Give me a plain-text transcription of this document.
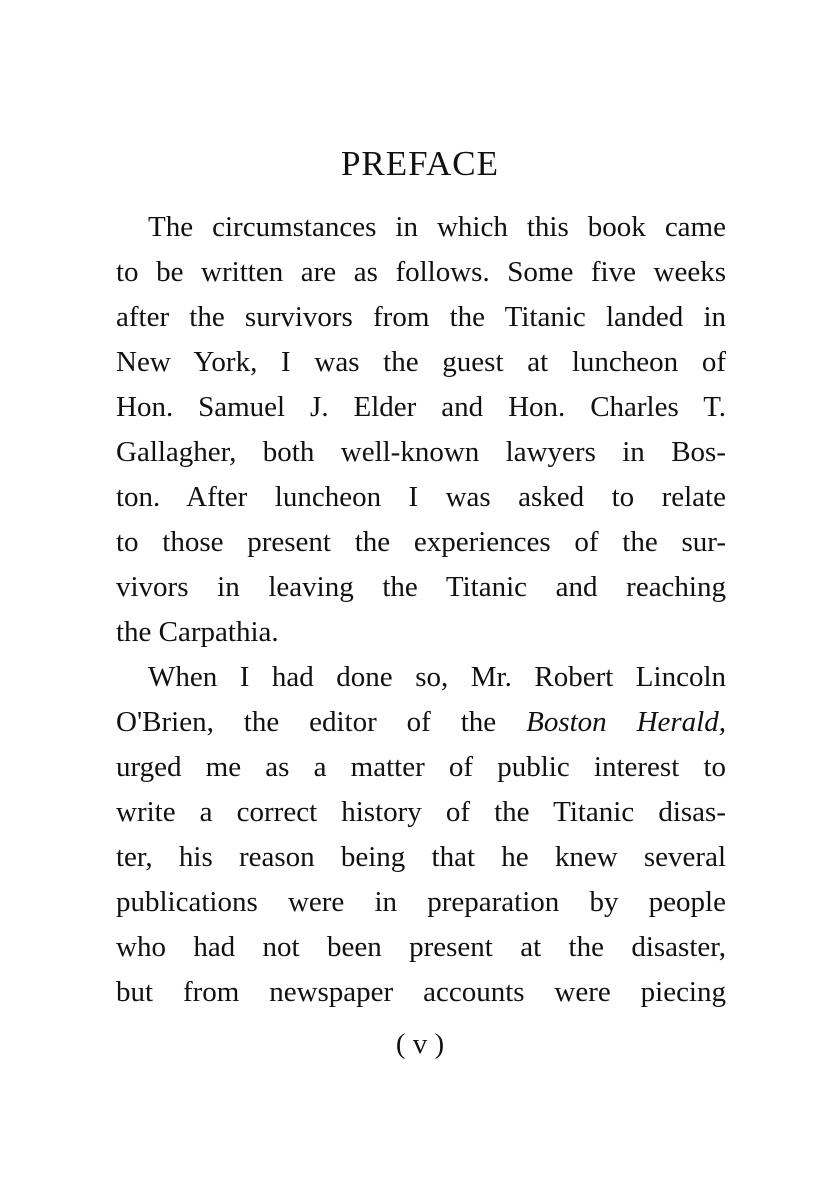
PREFACE

The circumstances in which this book came
to be written are as follows. Some five weeks
after the survivors from the Titanic landed in
New York, I was the guest at luncheon of
Hon. Samuel J. Elder and Hon. Charles T.
Gallagher, both well-known lawyers in Bos-
ton. After luncheon I was asked to relate
to those present the experiences of the sur-
vivors in leaving the Titanic and reaching
the Carpathia.

When I had done so, Mr. Robert Lincoln
O'Brien, the editor of the Boston Herald,
urged me as a matter of public interest to
write a correct history of the Titanic disas-
ter, his reason being that he knew several
publications were in preparation by people
who had not been present at the disaster,
but from newspaper accounts were piecing

( v )
